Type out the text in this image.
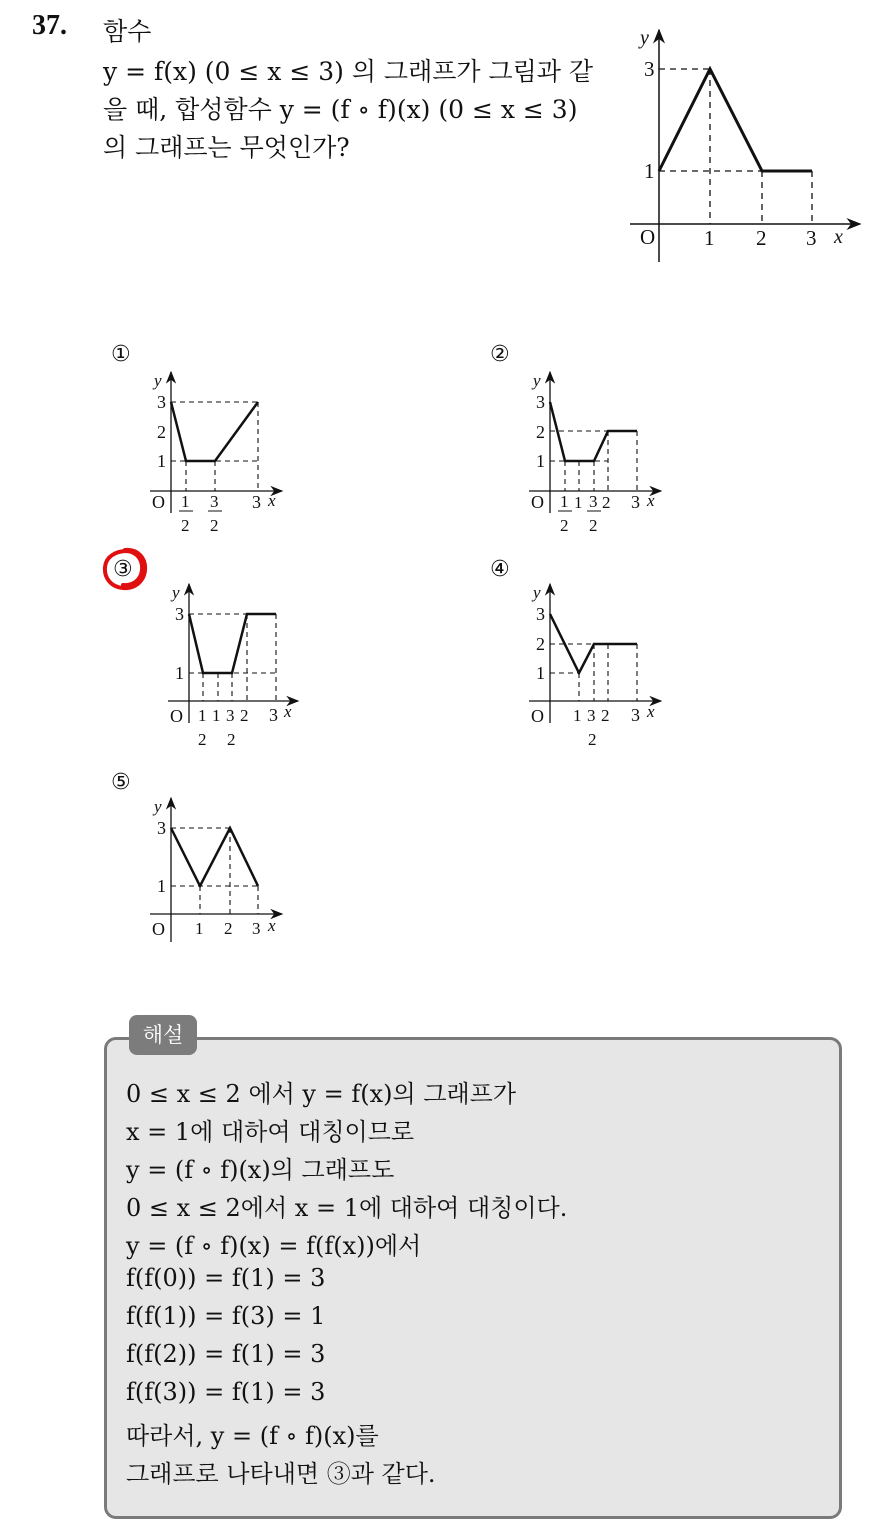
37. 함수
y = f(x) (0 ≤ x ≤ 3) 의 그래프가 그림과 같
을 때, 합성함수 y = (f ∘ f)(x) (0 ≤ x ≤ 3)
의 그래프는 무엇인가?
y
x
O
3
1
1 2 3
①
y
x
O
3
2
1
1
2
3
2
3
②
y
x
O
3
2
1
1
2
1 3
2
2 3
③
y
x
O
3
1
1 1 3 2 3
2 2
④
y
x
O
3
2
1
1 3 2 3
2
⑤
y
x
O
3
1
1 2 3
해설
0 ≤ x ≤ 2 에서 y = f(x)의 그래프가
x = 1에 대하여 대칭이므로
y = (f ∘ f)(x)의 그래프도
0 ≤ x ≤ 2에서 x = 1에 대하여 대칭이다.
y = (f ∘ f)(x) = f(f(x))에서
f(f(0)) = f(1) = 3
f(f(1)) = f(3) = 1
f(f(2)) = f(1) = 3
f(f(3)) = f(1) = 3
따라서, y = (f ∘ f)(x)를
그래프로 나타내면 ③과 같다.
